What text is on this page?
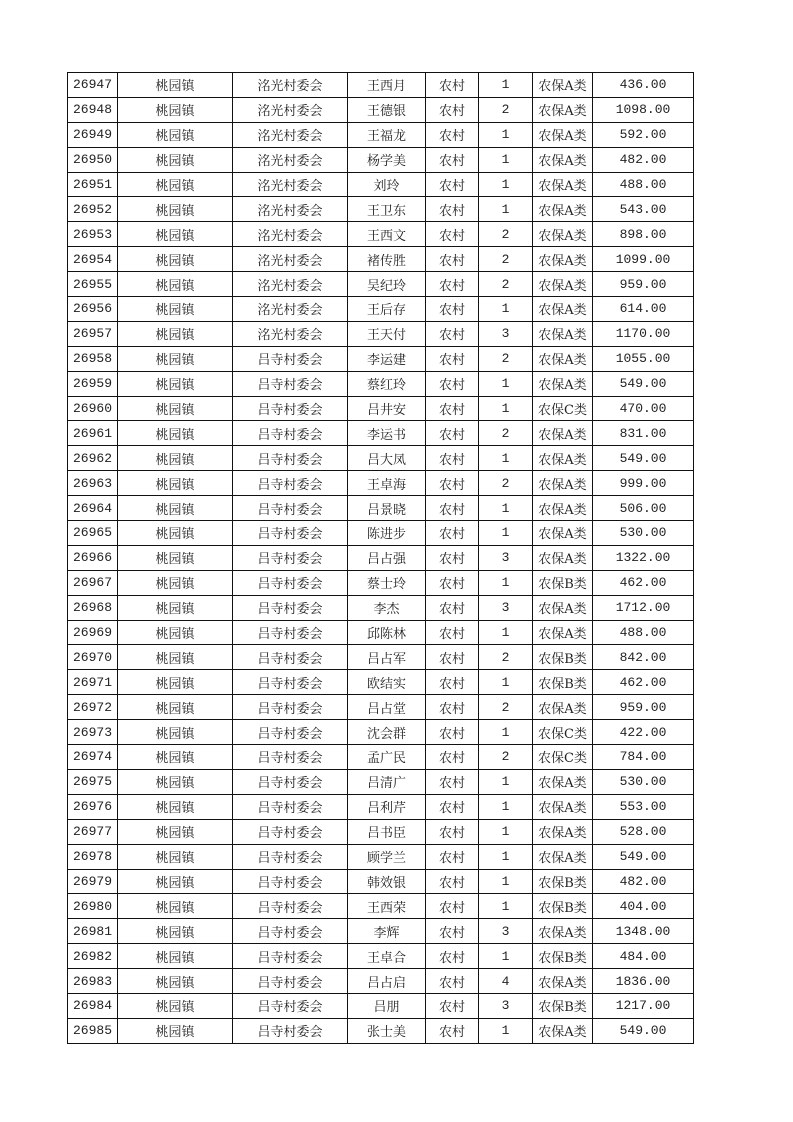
26947	桃园镇	洺光村委会	王西月	农村	1	农保A类	436.00
26948	桃园镇	洺光村委会	王德银	农村	2	农保A类	1098.00
26949	桃园镇	洺光村委会	王福龙	农村	1	农保A类	592.00
26950	桃园镇	洺光村委会	杨学美	农村	1	农保A类	482.00
26951	桃园镇	洺光村委会	刘玲	农村	1	农保A类	488.00
26952	桃园镇	洺光村委会	王卫东	农村	1	农保A类	543.00
26953	桃园镇	洺光村委会	王西文	农村	2	农保A类	898.00
26954	桃园镇	洺光村委会	褚传胜	农村	2	农保A类	1099.00
26955	桃园镇	洺光村委会	吴纪玲	农村	2	农保A类	959.00
26956	桃园镇	洺光村委会	王后存	农村	1	农保A类	614.00
26957	桃园镇	洺光村委会	王天付	农村	3	农保A类	1170.00
26958	桃园镇	吕寺村委会	李运建	农村	2	农保A类	1055.00
26959	桃园镇	吕寺村委会	蔡红玲	农村	1	农保A类	549.00
26960	桃园镇	吕寺村委会	吕井安	农村	1	农保C类	470.00
26961	桃园镇	吕寺村委会	李运书	农村	2	农保A类	831.00
26962	桃园镇	吕寺村委会	吕大凤	农村	1	农保A类	549.00
26963	桃园镇	吕寺村委会	王卓海	农村	2	农保A类	999.00
26964	桃园镇	吕寺村委会	吕景晓	农村	1	农保A类	506.00
26965	桃园镇	吕寺村委会	陈进步	农村	1	农保A类	530.00
26966	桃园镇	吕寺村委会	吕占强	农村	3	农保A类	1322.00
26967	桃园镇	吕寺村委会	蔡士玲	农村	1	农保B类	462.00
26968	桃园镇	吕寺村委会	李杰	农村	3	农保A类	1712.00
26969	桃园镇	吕寺村委会	邱陈林	农村	1	农保A类	488.00
26970	桃园镇	吕寺村委会	吕占军	农村	2	农保B类	842.00
26971	桃园镇	吕寺村委会	欧结实	农村	1	农保B类	462.00
26972	桃园镇	吕寺村委会	吕占堂	农村	2	农保A类	959.00
26973	桃园镇	吕寺村委会	沈会群	农村	1	农保C类	422.00
26974	桃园镇	吕寺村委会	孟广民	农村	2	农保C类	784.00
26975	桃园镇	吕寺村委会	吕清广	农村	1	农保A类	530.00
26976	桃园镇	吕寺村委会	吕利芹	农村	1	农保A类	553.00
26977	桃园镇	吕寺村委会	吕书臣	农村	1	农保A类	528.00
26978	桃园镇	吕寺村委会	顾学兰	农村	1	农保A类	549.00
26979	桃园镇	吕寺村委会	韩效银	农村	1	农保B类	482.00
26980	桃园镇	吕寺村委会	王西荣	农村	1	农保B类	404.00
26981	桃园镇	吕寺村委会	李辉	农村	3	农保A类	1348.00
26982	桃园镇	吕寺村委会	王卓合	农村	1	农保B类	484.00
26983	桃园镇	吕寺村委会	吕占启	农村	4	农保A类	1836.00
26984	桃园镇	吕寺村委会	吕朋	农村	3	农保B类	1217.00
26985	桃园镇	吕寺村委会	张士美	农村	1	农保A类	549.00
